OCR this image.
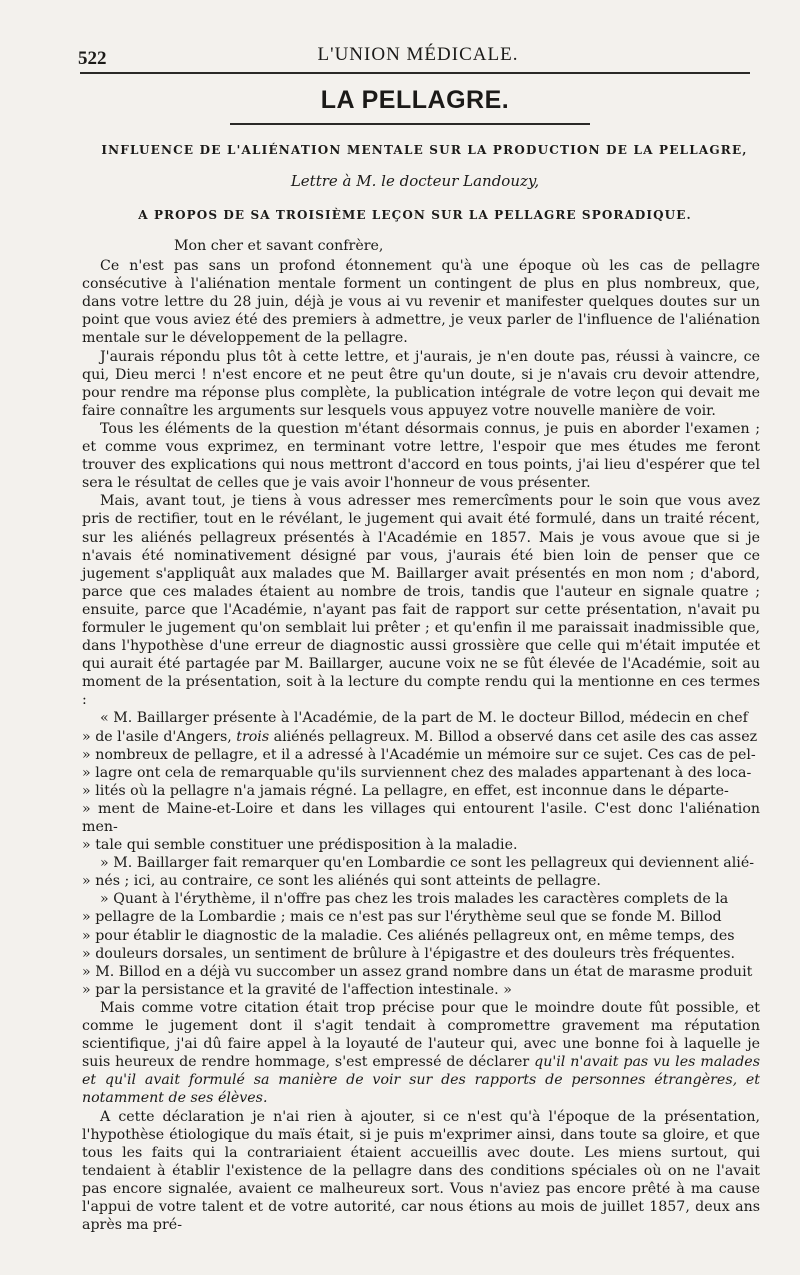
522	L'UNION MÉDICALE.
LA PELLAGRE.
INFLUENCE DE L'ALIÉNATION MENTALE SUR LA PRODUCTION DE LA PELLAGRE,
Lettre à M. le docteur Landouzy,
A PROPOS DE SA TROISIÈME LEÇON SUR LA PELLAGRE SPORADIQUE.

Mon cher et savant confrère,

Ce n'est pas sans un profond étonnement qu'à une époque où les cas de pellagre consécutive à l'aliénation mentale forment un contingent de plus en plus nombreux, que, dans votre lettre du 28 juin, déjà je vous ai vu revenir et manifester quelques doutes sur un point que vous aviez été des premiers à admettre, je veux parler de l'influence de l'aliénation mentale sur le développement de la pellagre.

J'aurais répondu plus tôt à cette lettre, et j'aurais, je n'en doute pas, réussi à vaincre, ce qui, Dieu merci ! n'est encore et ne peut être qu'un doute, si je n'avais cru devoir attendre, pour rendre ma réponse plus complète, la publication intégrale de votre leçon qui devait me faire connaître les arguments sur lesquels vous appuyez votre nouvelle manière de voir.

Tous les éléments de la question m'étant désormais connus, je puis en aborder l'examen ; et comme vous exprimez, en terminant votre lettre, l'espoir que mes études me feront trouver des explications qui nous mettront d'accord en tous points, j'ai lieu d'espérer que tel sera le résultat de celles que je vais avoir l'honneur de vous présenter.

Mais, avant tout, je tiens à vous adresser mes remercîments pour le soin que vous avez pris de rectifier, tout en le révélant, le jugement qui avait été formulé, dans un traité récent, sur les aliénés pellagreux présentés à l'Académie en 1857. Mais je vous avoue que si je n'avais été nominativement désigné par vous, j'aurais été bien loin de penser que ce jugement s'appliquât aux malades que M. Baillarger avait présentés en mon nom ; d'abord, parce que ces malades étaient au nombre de trois, tandis que l'auteur en signale quatre ; ensuite, parce que l'Académie, n'ayant pas fait de rapport sur cette présentation, n'avait pu formuler le jugement qu'on semblait lui prêter ; et qu'enfin il me paraissait inadmissible que, dans l'hypothèse d'une erreur de diagnostic aussi grossière que celle qui m'était imputée et qui aurait été partagée par M. Baillarger, aucune voix ne se fût élevée de l'Académie, soit au moment de la présentation, soit à la lecture du compte rendu qui la mentionne en ces termes :

« M. Baillarger présente à l'Académie, de la part de M. le docteur Billod, médecin en chef

» de l'asile d'Angers, trois aliénés pellagreux. M. Billod a observé dans cet asile des cas assez

» nombreux de pellagre, et il a adressé à l'Académie un mémoire sur ce sujet. Ces cas de pel-

» lagre ont cela de remarquable qu'ils surviennent chez des malades appartenant à des loca-

» lités où la pellagre n'a jamais régné. La pellagre, en effet, est inconnue dans le départe-

» ment de Maine-et-Loire et dans les villages qui entourent l'asile. C'est donc l'aliénation men-

» tale qui semble constituer une prédisposition à la maladie.

» M. Baillarger fait remarquer qu'en Lombardie ce sont les pellagreux qui deviennent alié-

» nés ; ici, au contraire, ce sont les aliénés qui sont atteints de pellagre.

» Quant à l'érythème, il n'offre pas chez les trois malades les caractères complets de la

» pellagre de la Lombardie ; mais ce n'est pas sur l'érythème seul que se fonde M. Billod

» pour établir le diagnostic de la maladie. Ces aliénés pellagreux ont, en même temps, des

» douleurs dorsales, un sentiment de brûlure à l'épigastre et des douleurs très fréquentes.

» M. Billod en a déjà vu succomber un assez grand nombre dans un état de marasme produit

» par la persistance et la gravité de l'affection intestinale. »

Mais comme votre citation était trop précise pour que le moindre doute fût possible, et comme le jugement dont il s'agit tendait à compromettre gravement ma réputation scientifique, j'ai dû faire appel à la loyauté de l'auteur qui, avec une bonne foi à laquelle je suis heureux de rendre hommage, s'est empressé de déclarer qu'il n'avait pas vu les malades et qu'il avait formulé sa manière de voir sur des rapports de personnes étrangères, et notamment de ses élèves.

A cette déclaration je n'ai rien à ajouter, si ce n'est qu'à l'époque de la présentation, l'hypothèse étiologique du maïs était, si je puis m'exprimer ainsi, dans toute sa gloire, et que tous les faits qui la contrariaient étaient accueillis avec doute. Les miens surtout, qui tendaient à établir l'existence de la pellagre dans des conditions spéciales où on ne l'avait pas encore signalée, avaient ce malheureux sort. Vous n'aviez pas encore prêté à ma cause l'appui de votre talent et de votre autorité, car nous étions au mois de juillet 1857, deux ans après ma pré-
